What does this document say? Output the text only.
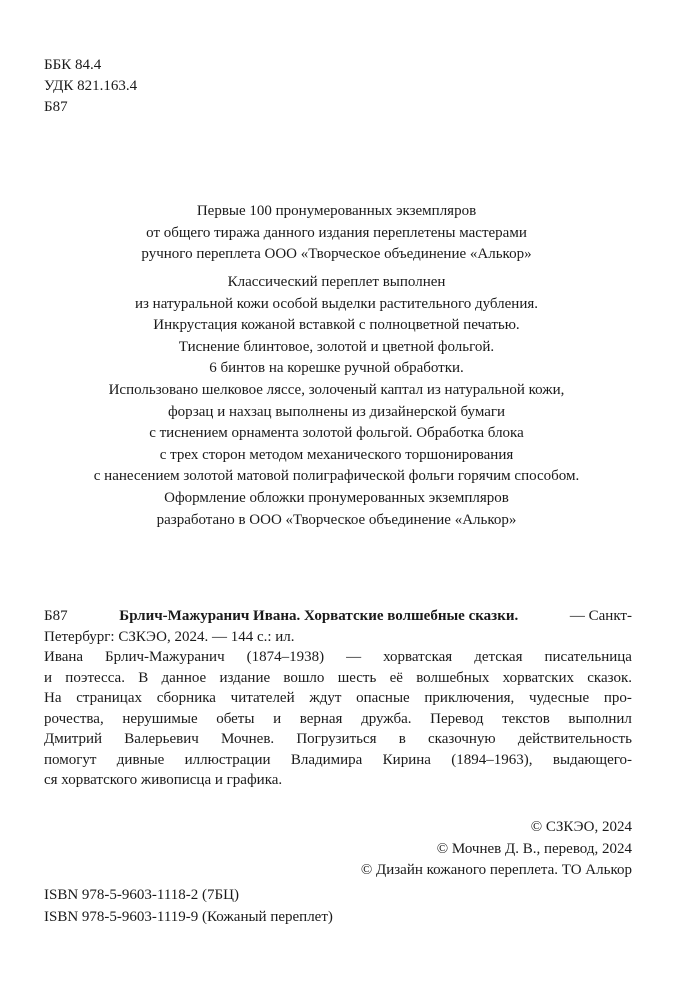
ББК 84.4
УДК 821.163.4
Б87
Первые 100 пронумерованных экземпляров
от общего тиража данного издания переплетены мастерами
ручного переплета ООО «Творческое объединение «Алькор»
Классический переплет выполнен
из натуральной кожи особой выделки растительного дубления.
Инкрустация кожаной вставкой с полноцветной печатью.
Тиснение блинтовое, золотой и цветной фольгой.
6 бинтов на корешке ручной обработки.
Использовано шелковое ляссе, золоченый каптал из натуральной кожи,
форзац и нахзац выполнены из дизайнерской бумаги
с тиснением орнамента золотой фольгой. Обработка блока
с трех сторон методом механического торшонирования
с нанесением золотой матовой полиграфической фольги горячим способом.
Оформление обложки пронумерованных экземпляров
разработано в ООО «Творческое объединение «Алькор»
Б87	Брлич-Мажуранич Ивана. Хорватские волшебные сказки.	— Санкт-
Петербург: СЗКЭО, 2024. — 144 с.: ил.
Ивана Брлич-Мажуранич (1874–1938) — хорватская детская писательница
и поэтесса. В данное издание вошло шесть её волшебных хорватских сказок.
На страницах сборника читателей ждут опасные приключения, чудесные про-
рочества, нерушимые обеты и верная дружба. Перевод текстов выполнил
Дмитрий Валерьевич Мочнев. Погрузиться в сказочную действительность
помогут дивные иллюстрации Владимира Кирина (1894–1963), выдающего-
ся хорватского живописца и графика.
© СЗКЭО, 2024
© Мочнев Д. В., перевод, 2024
© Дизайн кожаного переплета. ТО Алькор
ISBN 978-5-9603-1118-2 (7БЦ)
ISBN 978-5-9603-1119-9 (Кожаный переплет)
